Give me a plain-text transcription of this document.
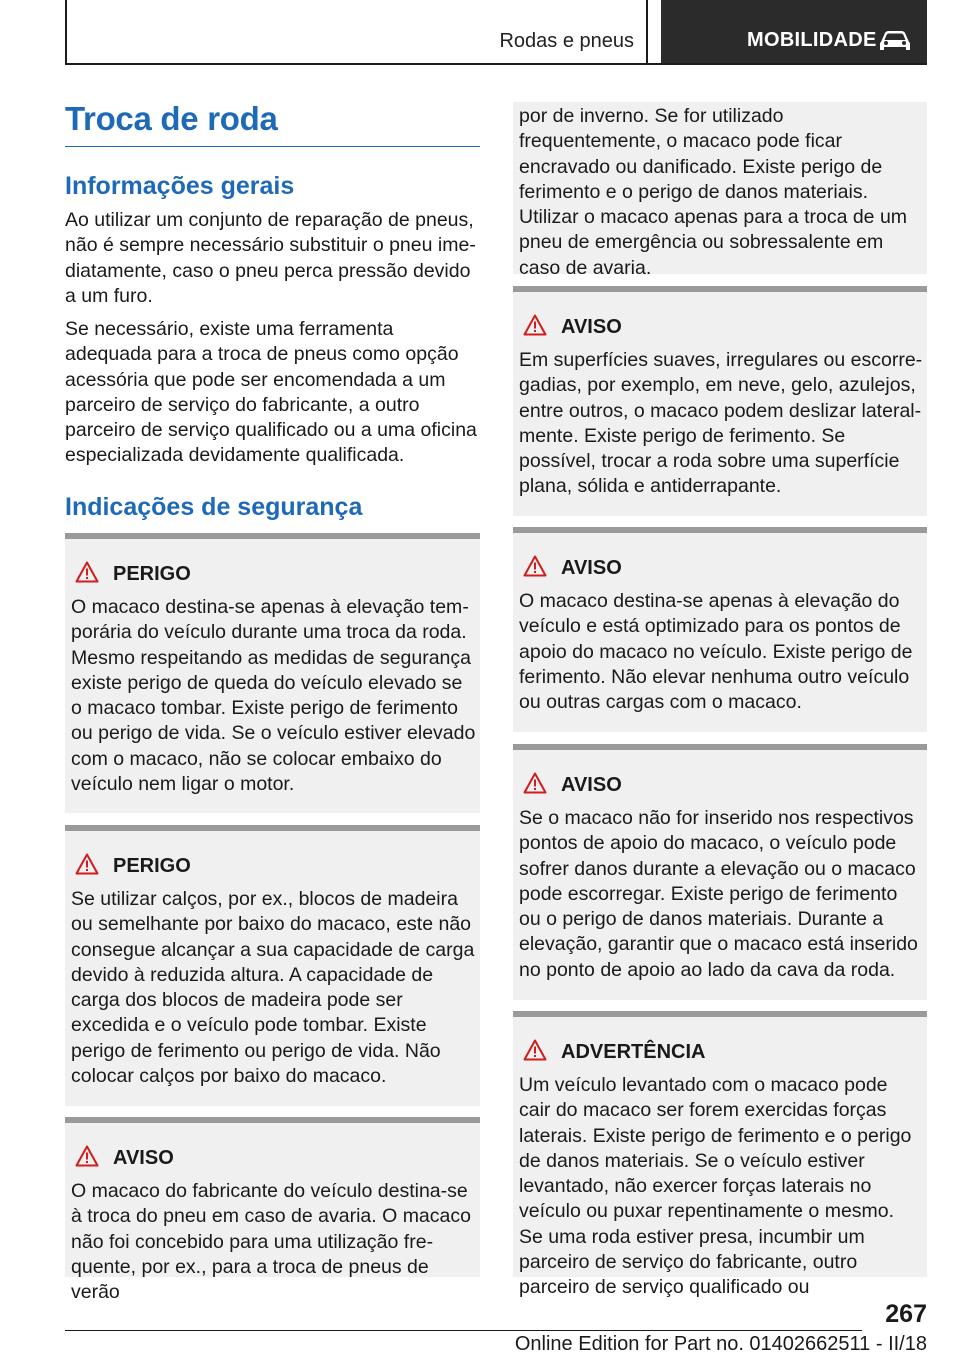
Rodas e pneus	MOBILIDADE
Troca de roda
Informações gerais

Ao utilizar um conjunto de reparação de pneus, não é sempre necessário substituir o pneu imediatamente, caso o pneu perca pressão devido a um furo.

Se necessário, existe uma ferramenta adequada para a troca de pneus como opção acessória que pode ser encomendada a um parceiro de serviço do fabricante, a outro parceiro de serviço qualificado ou a uma oficina especializada devidamente qualificada.

Indicações de segurança
PERIGO

O macaco destina-se apenas à elevação temporária do veículo durante uma troca da roda. Mesmo respeitando as medidas de segurança existe perigo de queda do veículo elevado se o macaco tombar. Existe perigo de ferimento ou perigo de vida. Se o veículo estiver elevado com o macaco, não se colocar embaixo do veículo nem ligar o motor.

PERIGO

Se utilizar calços, por ex., blocos de madeira ou semelhante por baixo do macaco, este não consegue alcançar a sua capacidade de carga devido à reduzida altura. A capacidade de carga dos blocos de madeira pode ser excedida e o veículo pode tombar. Existe perigo de ferimento ou perigo de vida. Não colocar calços por baixo do macaco.

AVISO

O macaco do fabricante do veículo destina-se à troca do pneu em caso de avaria. O macaco não foi concebido para uma utilização frequente, por ex., para a troca de pneus de verão

por de inverno. Se for utilizado frequentemente, o macaco pode ficar encravado ou danificado. Existe perigo de ferimento e o perigo de danos materiais. Utilizar o macaco apenas para a troca de um pneu de emergência ou sobressalente em caso de avaria.

AVISO

Em superfícies suaves, irregulares ou escorregadias, por exemplo, em neve, gelo, azulejos, entre outros, o macaco podem deslizar lateralmente. Existe perigo de ferimento. Se possível, trocar a roda sobre uma superfície plana, sólida e antiderrapante.

AVISO

O macaco destina-se apenas à elevação do veículo e está optimizado para os pontos de apoio do macaco no veículo. Existe perigo de ferimento. Não elevar nenhuma outro veículo ou outras cargas com o macaco.

AVISO

Se o macaco não for inserido nos respectivos pontos de apoio do macaco, o veículo pode sofrer danos durante a elevação ou o macaco pode escorregar. Existe perigo de ferimento ou o perigo de danos materiais. Durante a elevação, garantir que o macaco está inserido no ponto de apoio ao lado da cava da roda.

ADVERTÊNCIA

Um veículo levantado com o macaco pode cair do macaco ser forem exercidas forças laterais. Existe perigo de ferimento e o perigo de danos materiais. Se o veículo estiver levantado, não exercer forças laterais no veículo ou puxar repentinamente o mesmo. Se uma roda estiver presa, incumbir um parceiro de serviço do fabricante, outro parceiro de serviço qualificado ou

267
Online Edition for Part no. 01402662511 - II/18
